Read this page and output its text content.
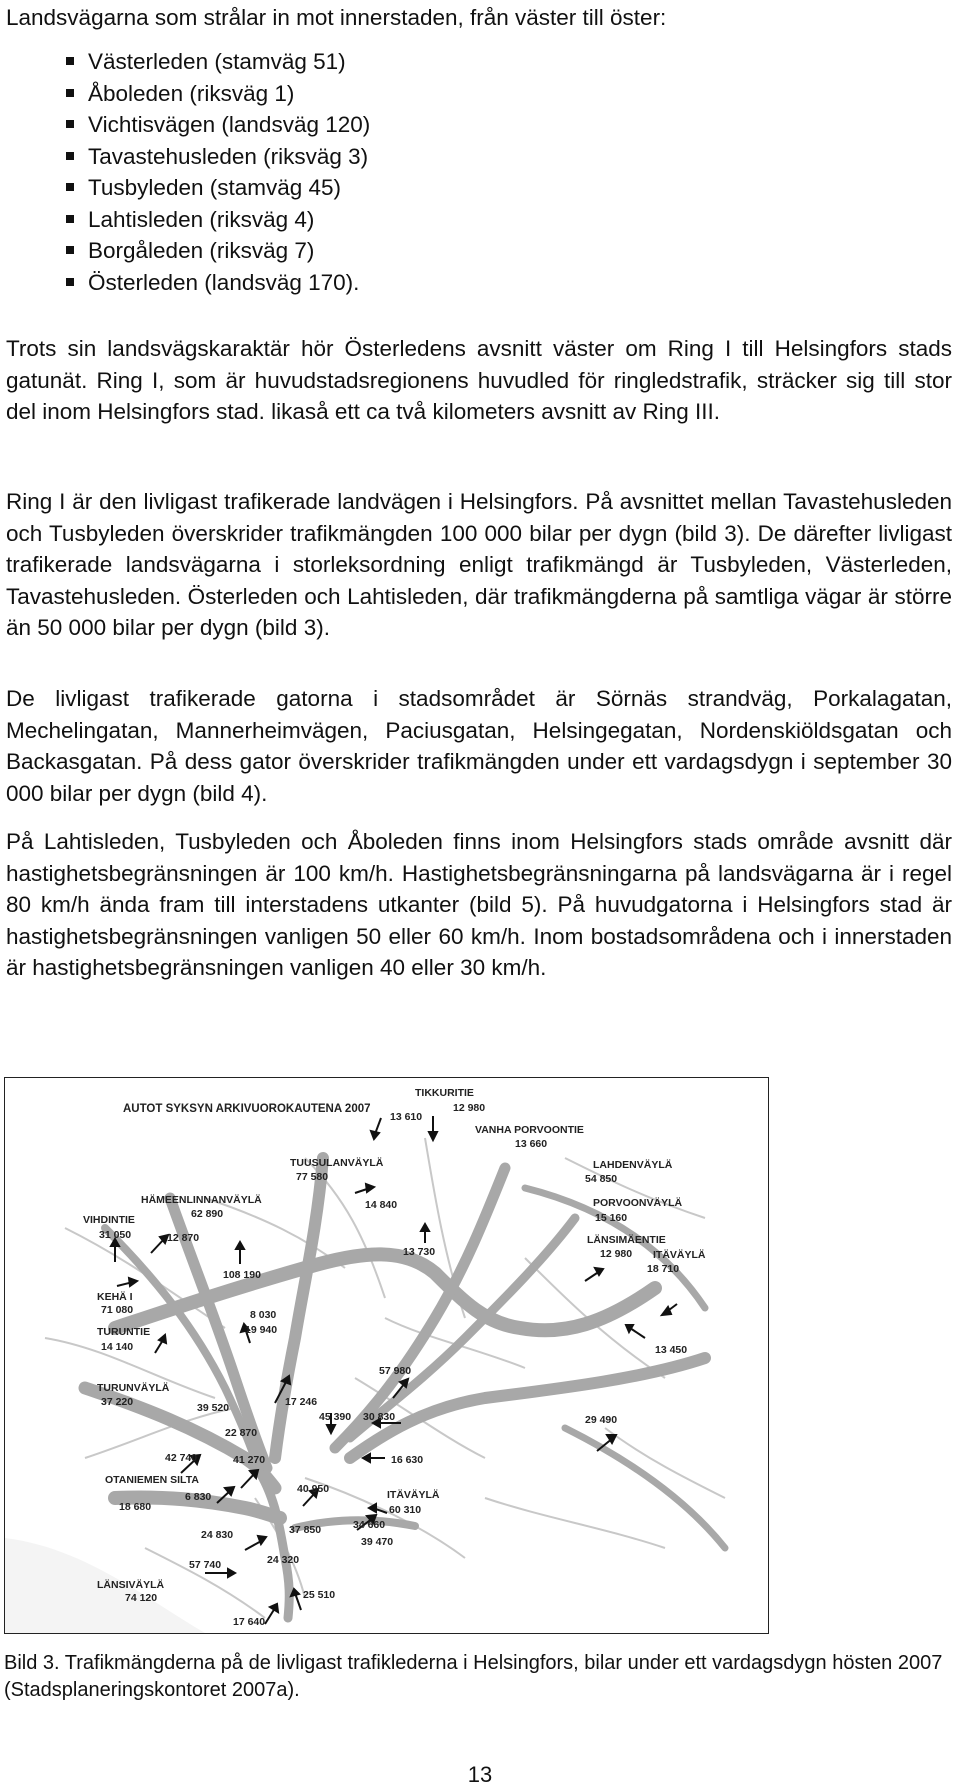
Landsvägarna som strålar in mot innerstaden, från väster till öster:

Västerleden (stamväg 51)
Åboleden (riksväg 1)
Vichtisvägen (landsväg 120)
Tavastehusleden (riksväg 3)
Tusbyleden (stamväg 45)
Lahtisleden (riksväg 4)
Borgåleden (riksväg 7)
Österleden (landsväg 170).

Trots sin landsvägskaraktär hör Österledens avsnitt väster om Ring I till Helsingfors stads gatunät. Ring I, som är huvudstadsregionens huvudled för ringledstrafik, sträcker sig till stor del inom Helsingfors stad. likaså ett ca två kilometers avsnitt av Ring III.

Ring I är den livligast trafikerade landvägen i Helsingfors. På avsnittet mellan Tavastehusleden och Tusbyleden överskrider trafikmängden 100 000 bilar per dygn (bild 3). De därefter livligast trafikerade landsvägarna i storleksordning enligt trafikmängd är Tusbyleden, Västerleden, Tavastehusleden. Österleden och Lahtisleden, där trafikmängderna på samtliga vägar är större än 50 000 bilar per dygn (bild 3).

De livligast trafikerade gatorna i stadsområdet är Sörnäs strandväg, Porkalagatan, Mechelingatan, Mannerheimvägen, Paciusgatan, Helsingegatan, Nordenskiöldsgatan och Backasgatan. På dess gator överskrider trafikmängden under ett vardagsdygn i september 30 000 bilar per dygn (bild 4).

På Lahtisleden, Tusbyleden och Åboleden finns inom Helsingfors stads område avsnitt där hastighetsbegränsningen är 100 km/h. Hastighetsbegränsningarna på landsvägarna är i regel 80 km/h ända fram till interstadens utkanter (bild 5). På huvudgatorna i Helsingfors stad är hastighetsbegränsningen vanligen 50 eller 60 km/h. Inom bostadsområdena och i innerstaden är hastighetsbegränsningen vanligen 40 eller 30 km/h.

AUTOT SYKSYN ARKIVUOROKAUTENA 2007
TIKKURITIE
VANHA PORVOONTIE
TUUSULANVÄYLÄ	LAHDENVÄYLÄ
HÄMEENLINNANVÄYLÄ	PORVOONVÄYLÄ
VIHDINTIE
LÄNSIMÄENTIE
ITÄVÄYLÄ
KEHÄ I
TURUNTIE
TURUNVÄYLÄ
OTANIEMEN SILTA
ITÄVÄYLÄ
LÄNSIVÄYLÄ
12 980
13 610
13 660
77 580	54 850
62 890	15 160
14 840
31 050	12 870
13 730	12 980
18 710
108 190
71 080	8 030
19 940
13 450
14 140
57 980
37 220	39 520	17 246
45 390 30 830	29 490
22 870
42 740	16 630
41 270
6 830
18 680
40 950
60 310
24 830	37 850	34 660
39 470
57 740	24 320
74 120	25 510
17 640

Bild 3. Trafikmängderna på de livligast trafiklederna i Helsingfors, bilar under ett vardagsdygn hösten 2007 (Stadsplaneringskontoret 2007a).

13
